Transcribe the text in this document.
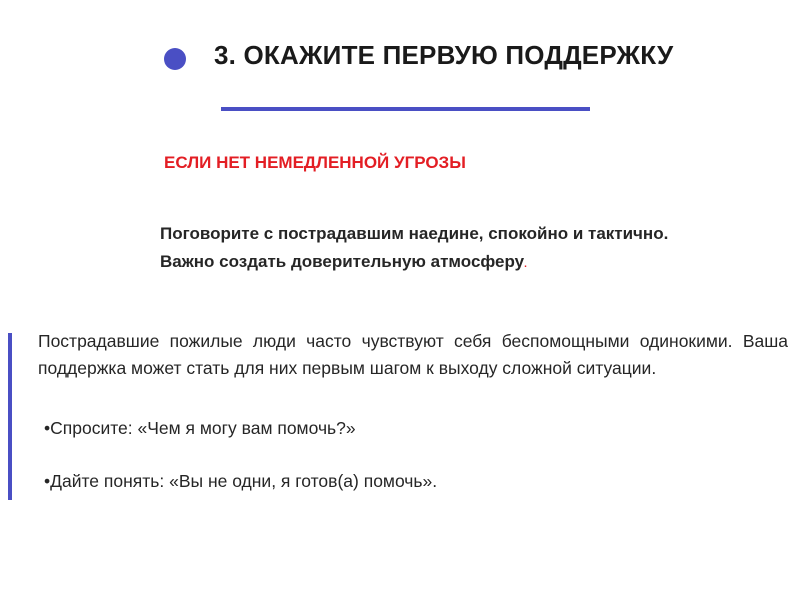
3. ОКАЖИТЕ ПЕРВУЮ ПОДДЕРЖКУ
ЕСЛИ НЕТ НЕМЕДЛЕННОЙ УГРОЗЫ
Поговорите с пострадавшим наедине, спокойно и тактично. Важно создать доверительную атмосферу.
Пострадавшие пожилые люди часто чувствуют себя беспомощными одинокими. Ваша поддержка может стать для них первым шагом к выходу сложной ситуации.
•Спросите: «Чем я могу вам помочь?»
•Дайте понять: «Вы не одни, я готов(а) помочь».
